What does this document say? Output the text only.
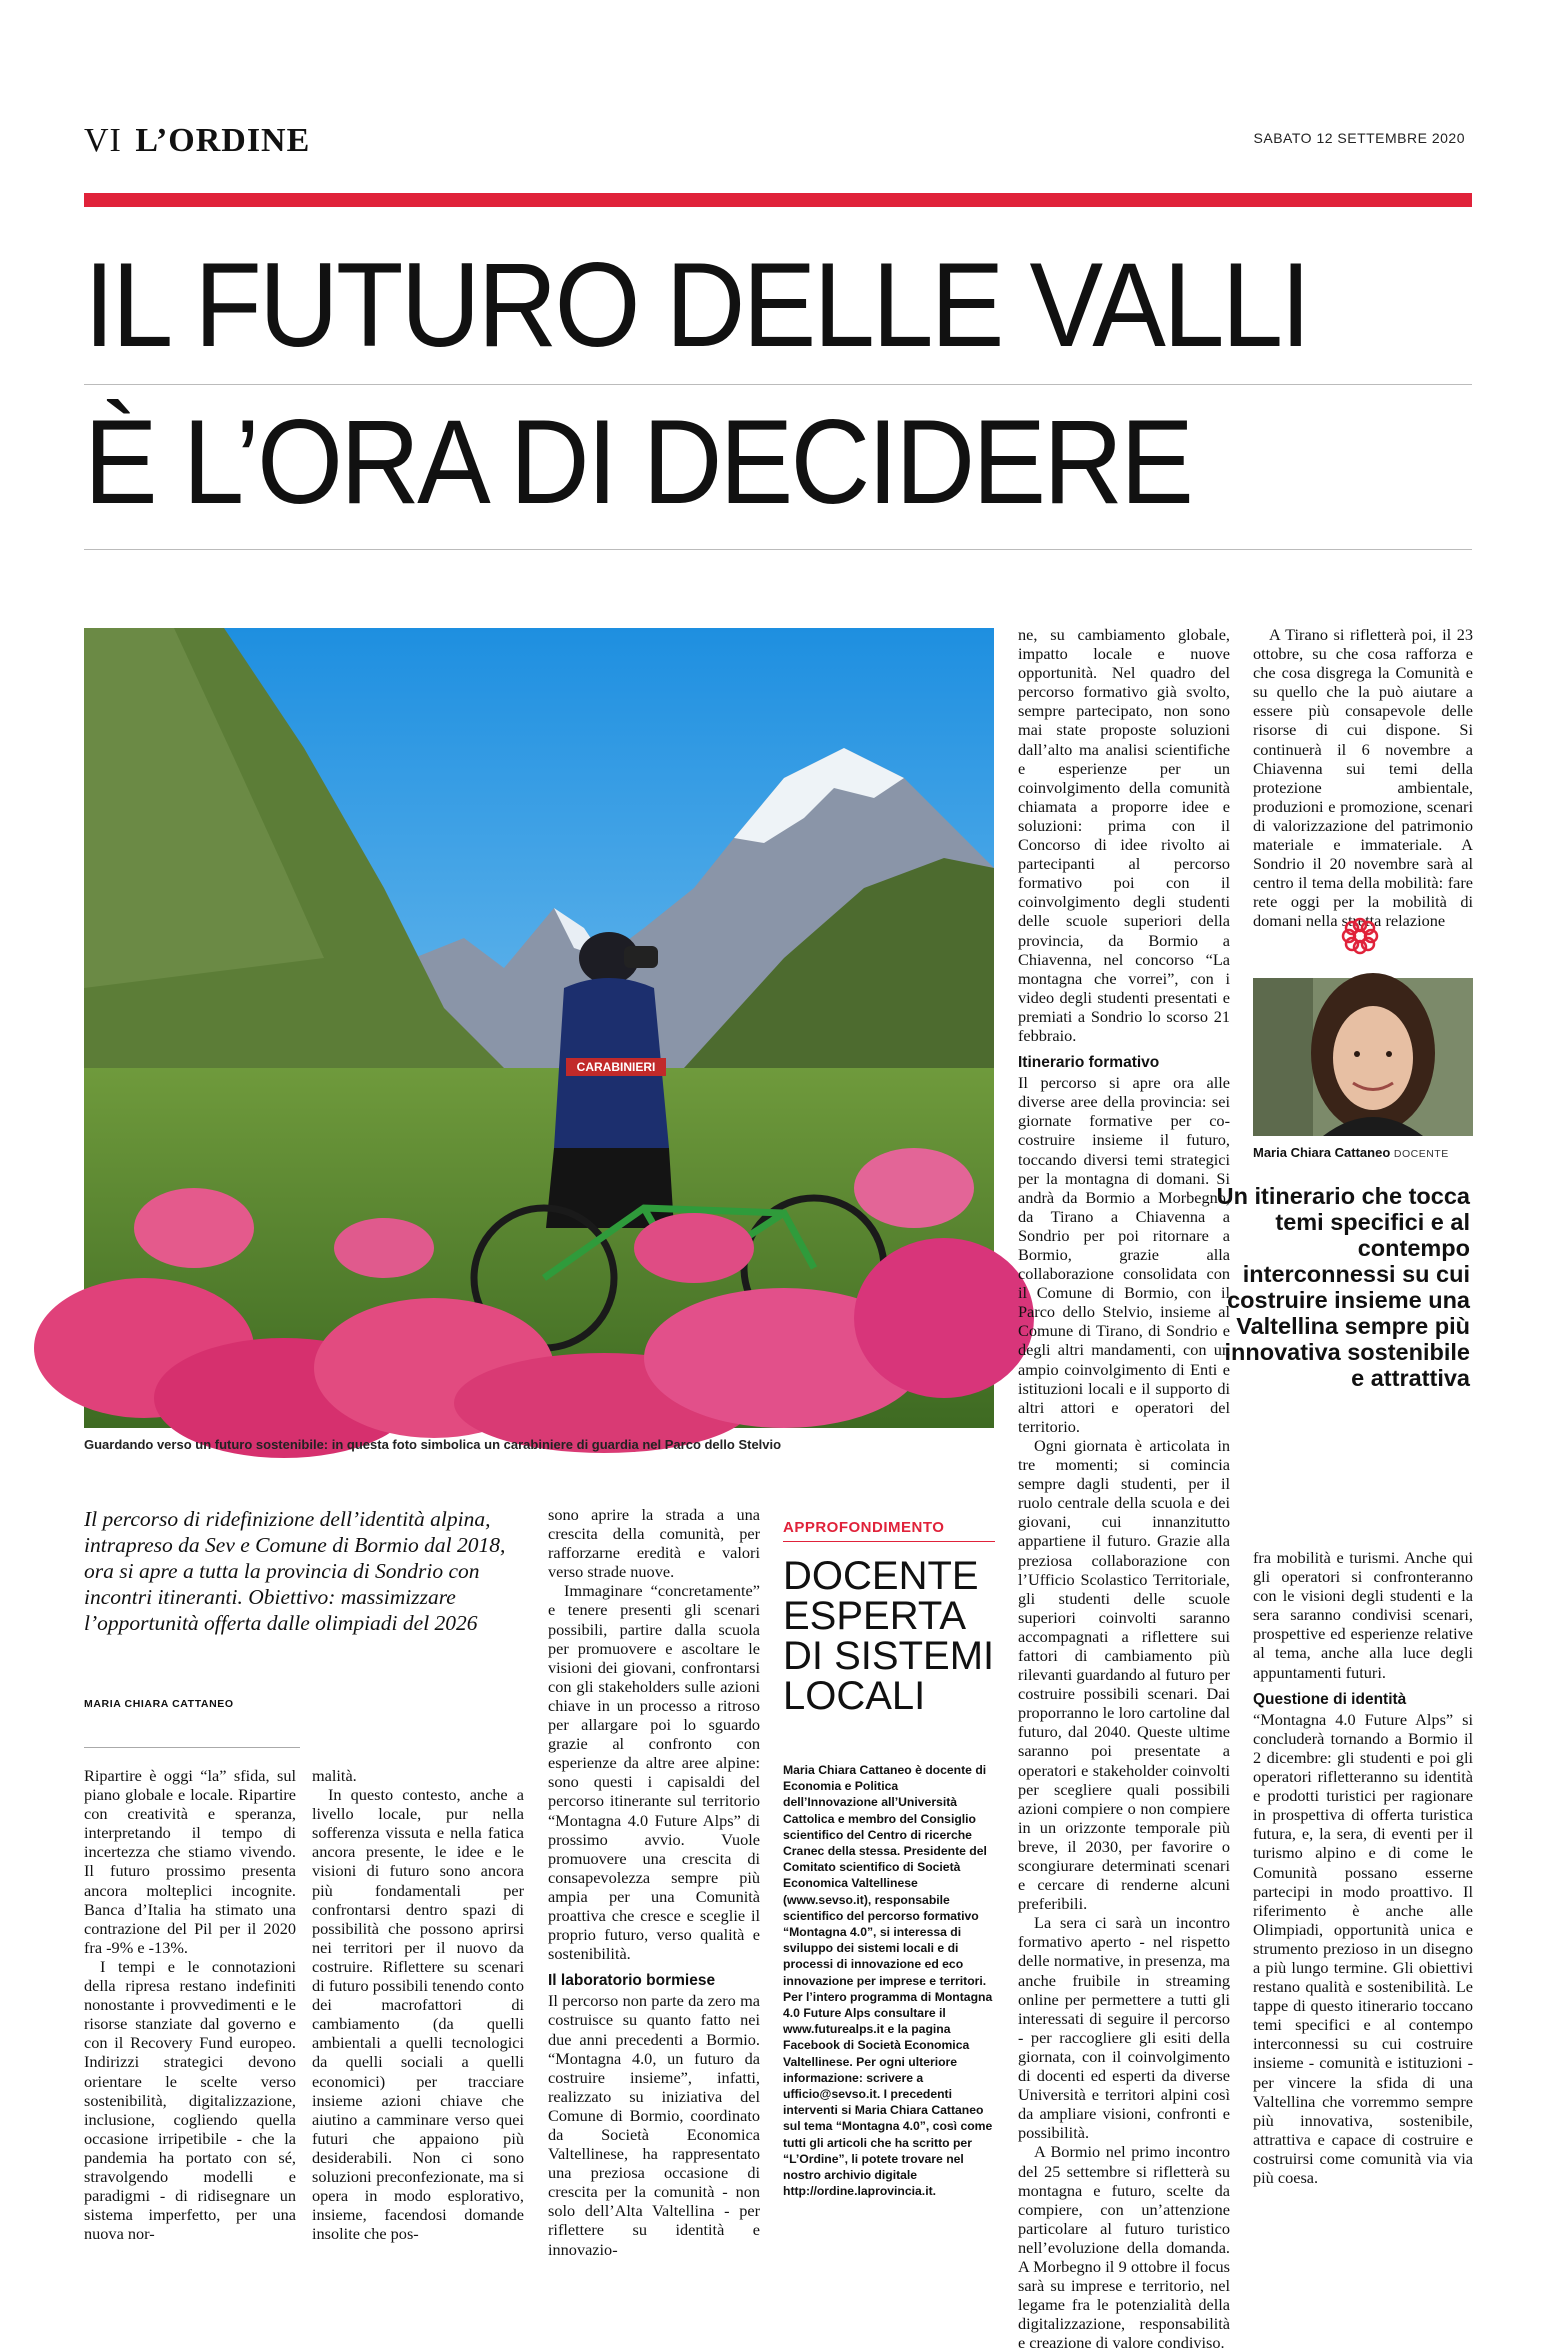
VI L’ORDINE	SABATO 12 SETTEMBRE 2020
IL FUTURO DELLE VALLI
È L’ORA DI DECIDERE
CARABINIERI
Guardando verso un futuro sostenibile: in questa foto simbolica un carabiniere di guardia nel Parco dello Stelvio
Il percorso di ridefinizione dell’identità alpina, intrapreso da Sev e Comune di Bormio dal 2018, ora si apre a tutta la provincia di Sondrio con incontri itineranti. Obiettivo: massimizzare l’opportunità offerta dalle olimpiadi del 2026
MARIA CHIARA CATTANEO

Ripartire è oggi “la” sfida, sul piano globale e locale. Ripartire con creatività e speranza, interpretando il tempo di incertezza che stiamo vivendo. Il futuro prossimo presenta ancora molteplici incognite. Banca d’Italia ha stimato una contrazione del Pil per il 2020 fra -9% e -13%.

I tempi e le connotazioni della ripresa restano indefiniti nonostante i provvedimenti e le risorse stanziate dal governo e con il Recovery Fund europeo. Indirizzi strategici devono orientare le scelte verso sostenibilità, digitalizzazione, inclusione, cogliendo quella occasione irripetibile - che la pandemia ha portato con sé, stravolgendo modelli e paradigmi - di ridisegnare un sistema imperfetto, per una nuova nor-

malità.

In questo contesto, anche a livello locale, pur nella sofferenza vissuta e nella fatica ancora presente, le idee e le visioni di futuro sono ancora più fondamentali per confrontarsi dentro spazi di possibilità che possono aprirsi nei territori per il nuovo da costruire. Riflettere su scenari di futuro possibili tenendo conto dei macrofattori di cambiamento (da quelli ambientali a quelli tecnologici da quelli sociali a quelli economici) per tracciare insieme azioni chiave che aiutino a camminare verso quei futuri che appaiono più desiderabili. Non ci sono soluzioni preconfezionate, ma si opera in modo esplorativo, insieme, facendosi domande insolite che pos-

sono aprire la strada a una crescita della comunità, per rafforzarne eredità e valori verso strade nuove.

Immaginare “concretamente” e tenere presenti gli scenari possibili, partire dalla scuola per promuovere e ascoltare le visioni dei giovani, confrontarsi con gli stakeholders sulle azioni chiave in un processo a ritroso per allargare poi lo sguardo grazie al confronto con esperienze da altre aree alpine: sono questi i capisaldi del percorso itinerante sul territorio “Montagna 4.0 Future Alps” di prossimo avvio. Vuole promuovere una crescita di consapevolezza sempre più ampia per una Comunità proattiva che cresce e sceglie il proprio futuro, verso qualità e sostenibilità.

Il laboratorio bormiese

Il percorso non parte da zero ma costruisce su quanto fatto nei due anni precedenti a Bormio. “Montagna 4.0, un futuro da costruire insieme”, infatti, realizzato su iniziativa del Comune di Bormio, coordinato da Società Economica Valtellinese, ha rappresentato una preziosa occasione di crescita per la comunità - non solo dell’Alta Valtellina - per riflettere su identità e innovazio-

APPROFONDIMENTO
DOCENTE ESPERTA DI SISTEMI LOCALI
Maria Chiara Cattaneo è docente di Economia e Politica dell’Innovazione all’Università Cattolica e membro del Consiglio scientifico del Centro di ricerche Cranec della stessa. Presidente del Comitato scientifico di Società Economica Valtellinese (www.sevso.it), responsabile scientifico del percorso formativo “Montagna 4.0”, si interessa di sviluppo dei sistemi locali e di processi di innovazione ed eco innovazione per imprese e territori. Per l’intero programma di Montagna 4.0 Future Alps consultare il www.futurealps.it e la pagina Facebook di Società Economica Valtellinese. Per ogni ulteriore informazione: scrivere a ufficio@sevso.it. I precedenti interventi si Maria Chiara Cattaneo sul tema “Montagna 4.0”, così come tutti gli articoli che ha scritto per “L’Ordine”, li potete trovare nel nostro archivio digitale http://ordine.laprovincia.it.

ne, su cambiamento globale, impatto locale e nuove opportunità. Nel quadro del percorso formativo già svolto, sempre partecipato, non sono mai state proposte soluzioni dall’alto ma analisi scientifiche e esperienze per un coinvolgimento della comunità chiamata a proporre idee e soluzioni: prima con il Concorso di idee rivolto ai partecipanti al percorso formativo poi con il coinvolgimento degli studenti delle scuole superiori della provincia, da Bormio a Chiavenna, nel concorso “La montagna che vorrei”, con i video degli studenti presentati e premiati a Sondrio lo scorso 21 febbraio.

Itinerario formativo

Il percorso si apre ora alle diverse aree della provincia: sei giornate formative per co-costruire insieme il futuro, toccando diversi temi strategici per la montagna di domani. Si andrà da Bormio a Morbegno, da Tirano a Chiavenna a Sondrio per poi ritornare a Bormio, grazie alla collaborazione consolidata con il Comune di Bormio, con il Parco dello Stelvio, insieme al Comune di Tirano, di Sondrio e degli altri mandamenti, con un ampio coinvolgimento di Enti e istituzioni locali e il supporto di altri attori e operatori del territorio.

Ogni giornata è articolata in tre momenti; si comincia sempre dagli studenti, per il ruolo centrale della scuola e dei giovani, cui innanzitutto appartiene il futuro. Grazie alla preziosa collaborazione con l’Ufficio Scolastico Territoriale, gli studenti delle scuole superiori coinvolti saranno accompagnati a riflettere sui fattori di cambiamento più rilevanti guardando al futuro per costruire possibili scenari. Dai proporranno le loro cartoline dal futuro, dal 2040. Queste ultime saranno poi presentate a operatori e stakeholder coinvolti per scegliere quali possibili azioni compiere o non compiere in un orizzonte temporale più breve, il 2030, per favorire o scongiurare determinati scenari e cercare di renderne alcuni preferibili.

La sera ci sarà un incontro formativo aperto - nel rispetto delle normative, in presenza, ma anche fruibile in streaming online per permettere a tutti gli interessati di seguire il percorso - per raccogliere gli esiti della giornata, con il coinvolgimento di docenti ed esperti da diverse Università e territori alpini così da ampliare visioni, confronti e possibilità.

A Bormio nel primo incontro del 25 settembre si rifletterà su montagna e futuro, scelte da compiere, con un’attenzione particolare al futuro turistico nell’evoluzione della domanda. A Morbegno il 9 ottobre il focus sarà su imprese e territorio, nel legame fra le potenzialità della digitalizzazione, responsabilità e creazione di valore condiviso.

A Tirano si rifletterà poi, il 23 ottobre, su che cosa rafforza e che cosa disgrega la Comunità e su quello che la può aiutare a essere più consapevole delle risorse di cui dispone. Si continuerà il 6 novembre a Chiavenna sui temi della protezione ambientale, produzioni e promozione, scenari di valorizzazione del patrimonio materiale e immateriale. A Sondrio il 20 novembre sarà al centro il tema della mobilità: fare rete oggi per la mobilità di domani nella stretta relazione

Maria Chiara Cattaneo DOCENTE
Un itinerario che tocca temi specifici e al contempo interconnessi su cui costruire insieme una Valtellina sempre più innovativa sostenibile e attrattiva

fra mobilità e turismi. Anche qui gli operatori si confronteranno con le visioni degli studenti e la sera saranno condivisi scenari, prospettive ed esperienze relative al tema, anche alla luce degli appuntamenti futuri.

Questione di identità

“Montagna 4.0 Future Alps” si concluderà tornando a Bormio il 2 dicembre: gli studenti e poi gli operatori rifletteranno su identità e prodotti turistici per ragionare in prospettiva di offerta turistica futura, e, la sera, di eventi per il turismo alpino e di come le Comunità possano esserne partecipi in modo proattivo. Il riferimento è anche alle Olimpiadi, opportunità unica e strumento prezioso in un disegno a più lungo termine. Gli obiettivi restano qualità e sostenibilità. Le tappe di questo itinerario toccano temi specifici e al contempo interconnessi su cui costruire insieme - comunità e istituzioni - per vincere la sfida di una Valtellina che vorremmo sempre più innovativa, sostenibile, attrattiva e capace di costruire e costruirsi come comunità via via più coesa.
